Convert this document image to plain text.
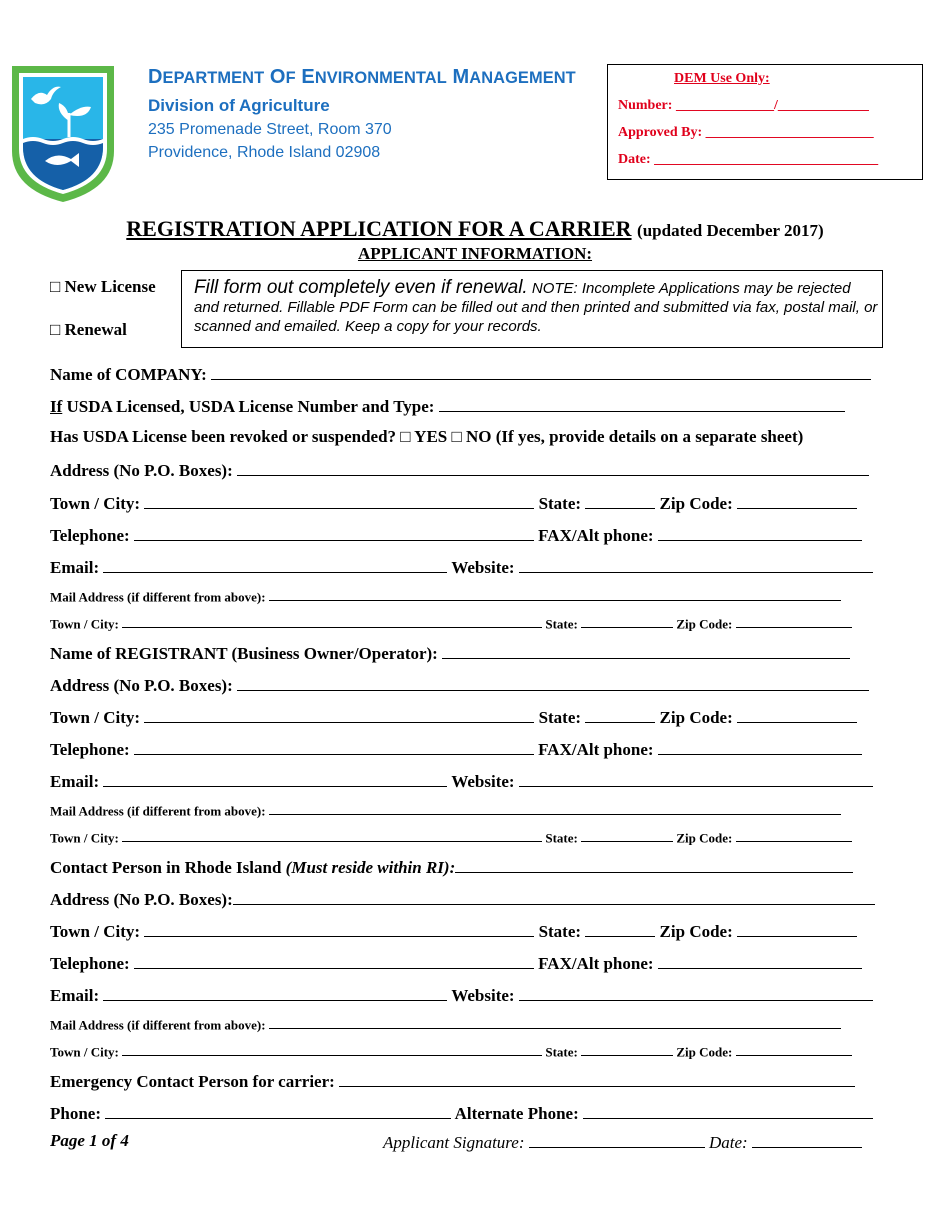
DEPARTMENT OF ENVIRONMENTAL MANAGEMENT
Division of Agriculture
235 Promenade Street, Room 370
Providence, Rhode Island 02908
DEM Use Only:
Number: ______________/_____________
Approved By: ________________________
Date: ________________________________
REGISTRATION APPLICATION FOR A CARRIER (updated December 2017)
APPLICANT INFORMATION:
□ New License
□ Renewal
Fill form out completely even if renewal. NOTE: Incomplete Applications may be rejected and returned. Fillable PDF Form can be filled out and then printed and submitted via fax, postal mail, or scanned and emailed. Keep a copy for your records.
Name of COMPANY:
If USDA Licensed, USDA License Number and Type:
Has USDA License been revoked or suspended? □ YES □ NO (If yes, provide details on a separate sheet)
Address (No P.O. Boxes):
Town / City:	State:	Zip Code:
Telephone:	FAX/Alt phone:
Email:	Website:
Mail Address (if different from above):
Town / City:	State:	Zip Code:
Name of REGISTRANT (Business Owner/Operator):
Address (No P.O. Boxes):
Town / City:	State:	Zip Code:
Telephone:	FAX/Alt phone:
Email:	Website:
Mail Address (if different from above):
Town / City:	State:	Zip Code:
Contact Person in Rhode Island (Must reside within RI):
Address (No P.O. Boxes):
Town / City:	State:	Zip Code:
Telephone:	FAX/Alt phone:
Email:	Website:
Mail Address (if different from above):
Town / City:	State:	Zip Code:
Emergency Contact Person for carrier:
Phone:	Alternate Phone:
Page 1 of 4	Applicant Signature:	Date:
